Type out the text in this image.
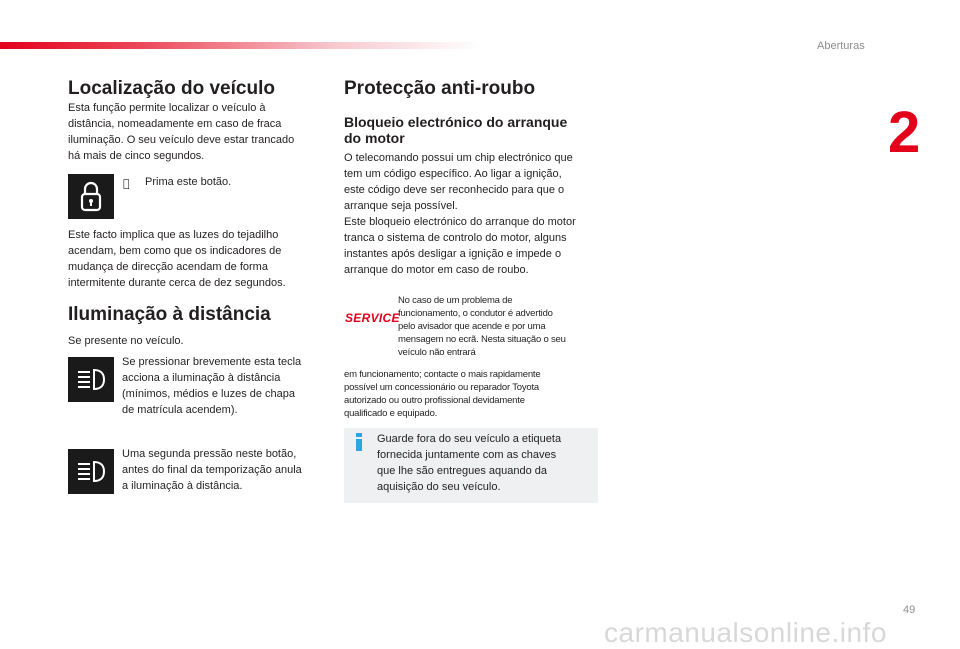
Aberturas
2
Localização do veículo

Esta função permite localizar o veículo à

distância, nomeadamente em caso de fraca

iluminação. O seu veículo deve estar trancado

há mais de cinco segundos.

Prima este botão.

Este facto implica que as luzes do tejadilho

acendam, bem como que os indicadores de

mudança de direcção acendam de forma

intermitente durante cerca de dez segundos.

Iluminação à distância

Se presente no veículo.

Se pressionar brevemente esta tecla

acciona a iluminação à distância

(mínimos, médios e luzes de chapa

de matrícula acendem).

Uma segunda pressão neste botão,

antes do final da temporização anula

a iluminação à distância.

Protecção anti-roubo
Bloqueio electrónico do arranque
do motor

O telecomando possui um chip electrónico que

tem um código específico. Ao ligar a ignição,

este código deve ser reconhecido para que o

arranque seja possível.

Este bloqueio electrónico do arranque do motor

tranca o sistema de controlo do motor, alguns

instantes após desligar a ignição e impede o

arranque do motor em caso de roubo.

SERVICE

No caso de um problema de

funcionamento, o condutor é advertido

pelo avisador que acende e por uma

mensagem no ecrã. Nesta situação o seu

veículo não entrará

em funcionamento; contacte o mais rapidamente

possível um concessionário ou reparador Toyota

autorizado ou outro profissional devidamente

qualificado e equipado.

Guarde fora do seu veículo a etiqueta

fornecida juntamente com as chaves

que lhe são entregues aquando da

aquisição do seu veículo.

49
carmanualsonline.info
